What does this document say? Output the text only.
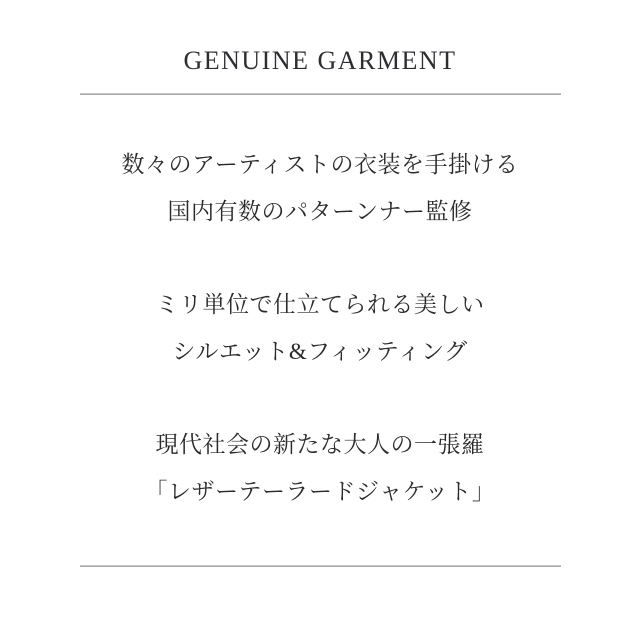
GENUINE GARMENT

数々のアーティストの衣装を手掛ける
国内有数のパターンナー監修

ミリ単位で仕立てられる美しい
シルエット&フィッティング

現代社会の新たな大人の一張羅
「レザーテーラードジャケット」
